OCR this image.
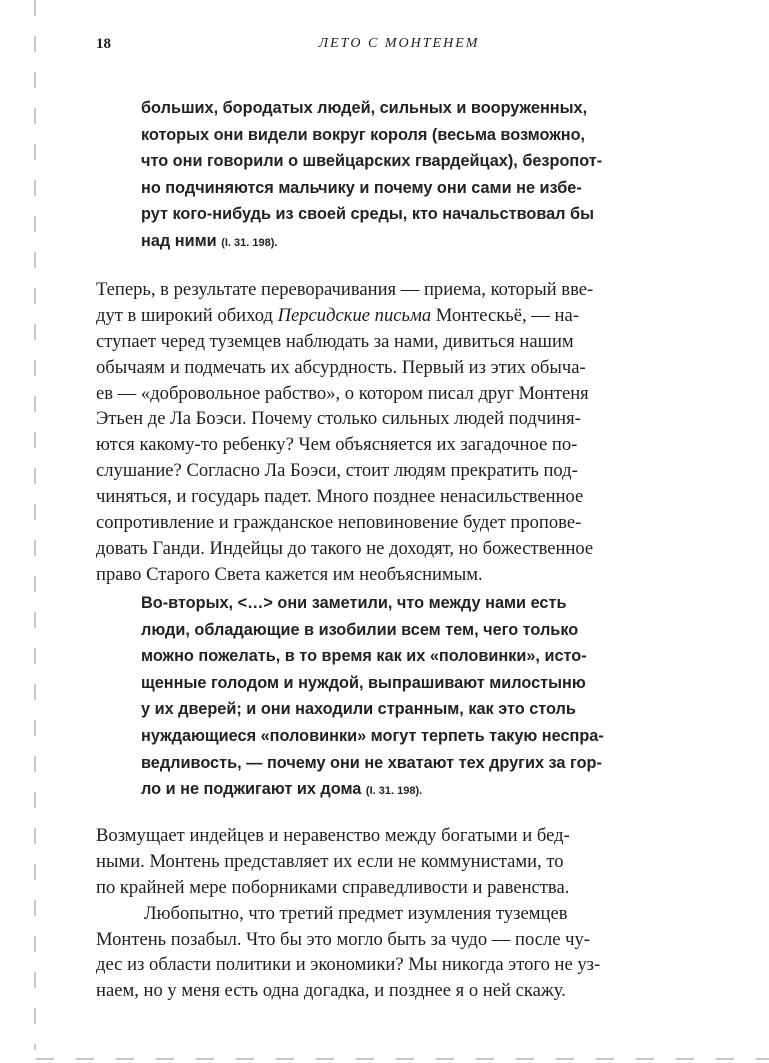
18	ЛЕТО С МОНТЕНЕМ
больших, бородатых людей, сильных и вооруженных,
которых они видели вокруг короля (весьма возможно,
что они говорили о швейцарских гвардейцах), безропот-
но подчиняются мальчику и почему они сами не избе-
рут кого-нибудь из своей среды, кто начальствовал бы
над ними (I. 31. 198).
Теперь, в результате переворачивания — приема, который вве-
дут в широкий обиход Персидские письма Монтескьё, — на-
ступает черед туземцев наблюдать за нами, дивиться нашим
обычаям и подмечать их абсурдность. Первый из этих обыча-
ев — «добровольное рабство», о котором писал друг Монтеня
Этьен де Ла Боэси. Почему столько сильных людей подчиня-
ются какому-то ребенку? Чем объясняется их загадочное по-
слушание? Согласно Ла Боэси, стоит людям прекратить под-
чиняться, и государь падет. Много позднее ненасильственное
сопротивление и гражданское неповиновение будет пропове-
довать Ганди. Индейцы до такого не доходят, но божественное
право Старого Света кажется им необъяснимым.
Во-вторых, <…> они заметили, что между нами есть
люди, обладающие в изобилии всем тем, чего только
можно пожелать, в то время как их «половинки», исто-
щенные голодом и нуждой, выпрашивают милостыню
у их дверей; и они находили странным, как это столь
нуждающиеся «половинки» могут терпеть такую неспра-
ведливость, — почему они не хватают тех других за гор-
ло и не поджигают их дома (I. 31. 198).
Возмущает индейцев и неравенство между богатыми и бед-
ными. Монтень представляет их если не коммунистами, то
по крайней мере поборниками справедливости и равенства.
Любопытно, что третий предмет изумления туземцев
Монтень позабыл. Что бы это могло быть за чудо — после чу-
дес из области политики и экономики? Мы никогда этого не уз-
наем, но у меня есть одна догадка, и позднее я о ней скажу.
